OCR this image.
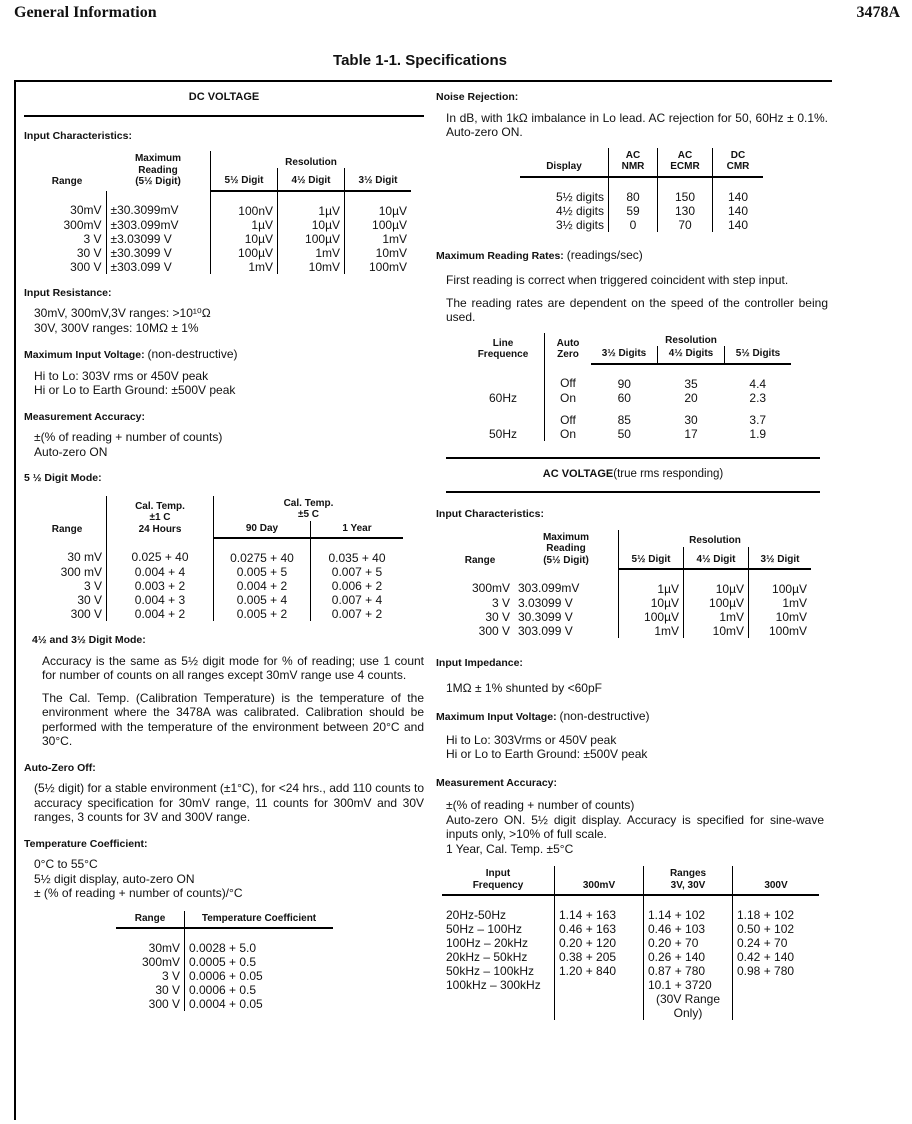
General Information	3478A
Table 1-1. Specifications
DC VOLTAGE
Input Characteristics:
Range	Maximum
Reading
(5½ Digit)	Resolution		
		5½ Digit	4½ Digit	3½ Digit
30mV	±30.3099mV	100nV	1µV	10µV
300mV	±303.099mV	1µV	10µV	100µV
3 V	±3.03099 V	10µV	100µV	1mV
30 V	±30.3099 V	100µV	1mV	10mV
300 V	±303.099 V	1mV	10mV	100mV
Input Resistance:
30mV, 300mV,3V ranges: >10¹⁰Ω
30V, 300V ranges: 10MΩ ± 1%
Maximum Input Voltage: (non-destructive)
Hi to Lo: 303V rms or 450V peak
Hi or Lo to Earth Ground: ±500V peak
Measurement Accuracy:
±(% of reading + number of counts)
Auto-zero ON
5 ½ Digit Mode:
Range	Cal. Temp.
±1 C
24 Hours	Cal. Temp.
±5 C	
		90 Day	1 Year
30 mV	0.025 + 40	0.0275 + 40	0.035 + 40
300 mV	0.004 + 4	0.005 + 5	0.007 + 5
3 V	0.003 + 2	0.004 + 2	0.006 + 2
30 V	0.004 + 3	0.005 + 4	0.007 + 4
300 V	0.004 + 2	0.005 + 2	0.007 + 2
4½ and 3½ Digit Mode:
Accuracy is the same as 5½ digit mode for % of reading; use 1 count for number of counts on all ranges except 30mV range use 4 counts.
The Cal. Temp. (Calibration Temperature) is the temperature of the environment where the 3478A was calibrated. Calibration should be performed with the temperature of the environment between 20°C and 30°C.
Auto-Zero Off:
(5½ digit) for a stable environment (±1°C), for <24 hrs., add 110 counts to accuracy specification for 30mV range, 11 counts for 300mV and 30V ranges, 3 counts for 3V and 300V range.
Temperature Coefficient:
0°C to 55°C
5½ digit display, auto-zero ON
± (% of reading + number of counts)/°C
Range	Temperature Coefficient
30mV	0.0028 + 5.0
300mV	0.0005 + 0.5
3 V	0.0006 + 0.05
30 V	0.0006 + 0.5
300 V	0.0004 + 0.05
Noise Rejection:
In dB, with 1kΩ imbalance in Lo lead. AC rejection for 50, 60Hz ± 0.1%. Auto-zero ON.
Display	AC
NMR	AC
ECMR	DC
CMR
5½ digits	80	150	140
4½ digits	59	130	140
3½ digits	0	70	140
Maximum Reading Rates: (readings/sec)
First reading is correct when triggered coincident with step input.
The reading rates are dependent on the speed of the controller being used.
Line
Frequence	Auto
Zero	Resolution		
		3½ Digits	4½ Digits	5½ Digits
	Off	90	35	4.4
60Hz	On	60	20	2.3
	Off	85	30	3.7
50Hz	On	50	17	1.9
AC VOLTAGE(true rms responding)
Input Characteristics:
Range	Maximum
Reading
(5½ Digit)	Resolution		
		5½ Digit	4½ Digit	3½ Digit
300mV	303.099mV	1µV	10µV	100µV
3 V	3.03099 V	10µV	100µV	1mV
30 V	30.3099 V	100µV	1mV	10mV
300 V	303.099 V	1mV	10mV	100mV
Input Impedance:
1MΩ ± 1% shunted by <60pF
Maximum Input Voltage: (non-destructive)
Hi to Lo: 303Vrms or 450V peak
Hi or Lo to Earth Ground: ±500V peak
Measurement Accuracy:
±(% of reading + number of counts)
Auto-zero ON. 5½ digit display. Accuracy is specified for sine-wave inputs only, >10% of full scale.
1 Year, Cal. Temp. ±5°C
Input
Frequency	300mV	Ranges
3V, 30V	300V
20Hz-50Hz	1.14 + 163	1.14 + 102	1.18 + 102
50Hz – 100Hz	0.46 + 163	0.46 + 103	0.50 + 102
100Hz – 20kHz	0.20 + 120	0.20 + 70	0.24 + 70
20kHz – 50kHz	0.38 + 205	0.26 + 140	0.42 + 140
50kHz – 100kHz	1.20 + 840	0.87 + 780	0.98 + 780
100kHz – 300kHz		10.1 + 3720
(30V Range
Only)	
